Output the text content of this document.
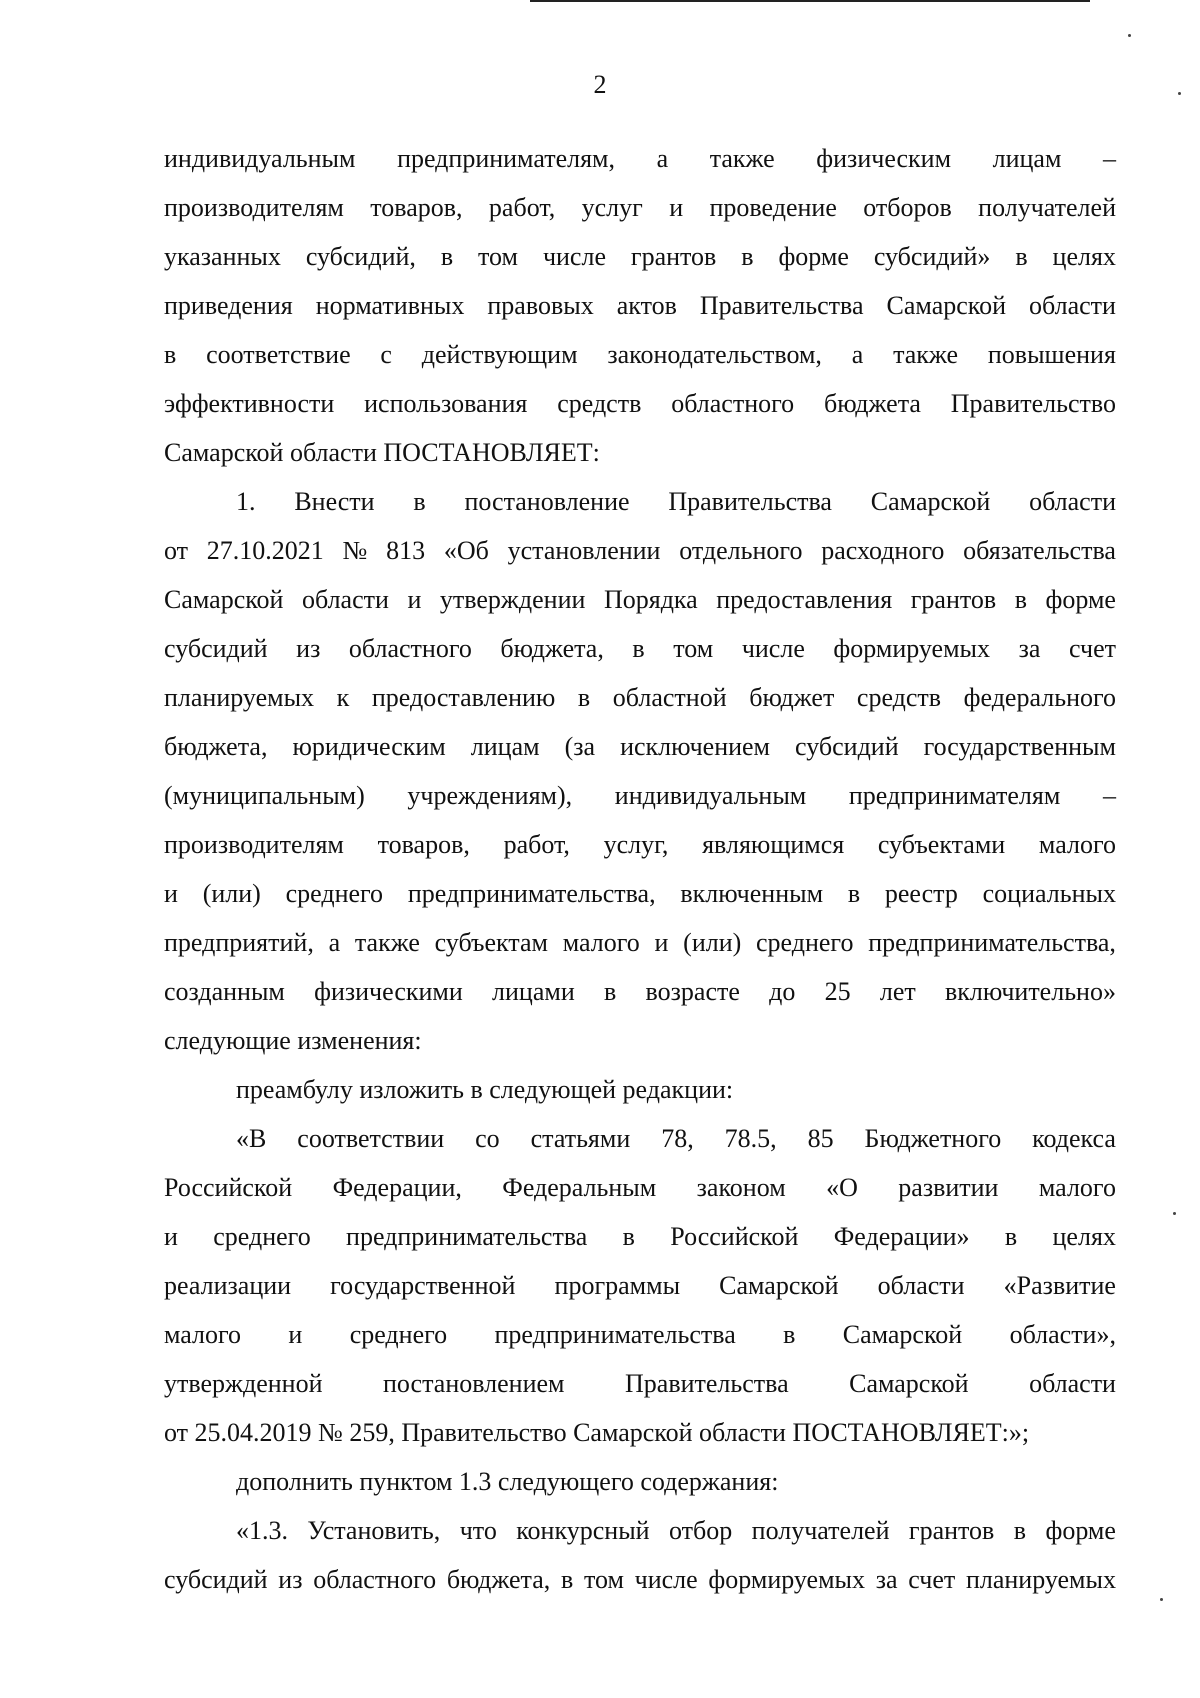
2
индивидуальным предпринимателям, а также физическим лицам –
производителям товаров, работ, услуг и проведение отборов получателей
указанных субсидий, в том числе грантов в форме субсидий» в целях
приведения нормативных правовых актов Правительства Самарской области
в соответствие с действующим законодательством, а также повышения
эффективности использования средств областного бюджета Правительство
Самарской области ПОСТАНОВЛЯЕТ:
1. Внести в постановление Правительства Самарской области
от 27.10.2021 № 813 «Об установлении отдельного расходного обязательства
Самарской области и утверждении Порядка предоставления грантов в форме
субсидий из областного бюджета, в том числе формируемых за счет
планируемых к предоставлению в областной бюджет средств федерального
бюджета, юридическим лицам (за исключением субсидий государственным
(муниципальным) учреждениям), индивидуальным предпринимателям –
производителям товаров, работ, услуг, являющимся субъектами малого
и (или) среднего предпринимательства, включенным в реестр социальных
предприятий, а также субъектам малого и (или) среднего предпринимательства,
созданным физическими лицами в возрасте до 25 лет включительно»
следующие изменения:
преамбулу изложить в следующей редакции:
«В соответствии со статьями 78, 78.5, 85 Бюджетного кодекса
Российской Федерации, Федеральным законом «О развитии малого
и среднего предпринимательства в Российской Федерации» в целях
реализации государственной программы Самарской области «Развитие
малого и среднего предпринимательства в Самарской области»,
утвержденной постановлением Правительства Самарской области
от 25.04.2019 № 259, Правительство Самарской области ПОСТАНОВЛЯЕТ:»;
дополнить пунктом 1.3 следующего содержания:
«1.3. Установить, что конкурсный отбор получателей грантов в форме
субсидий из областного бюджета, в том числе формируемых за счет планируемых
